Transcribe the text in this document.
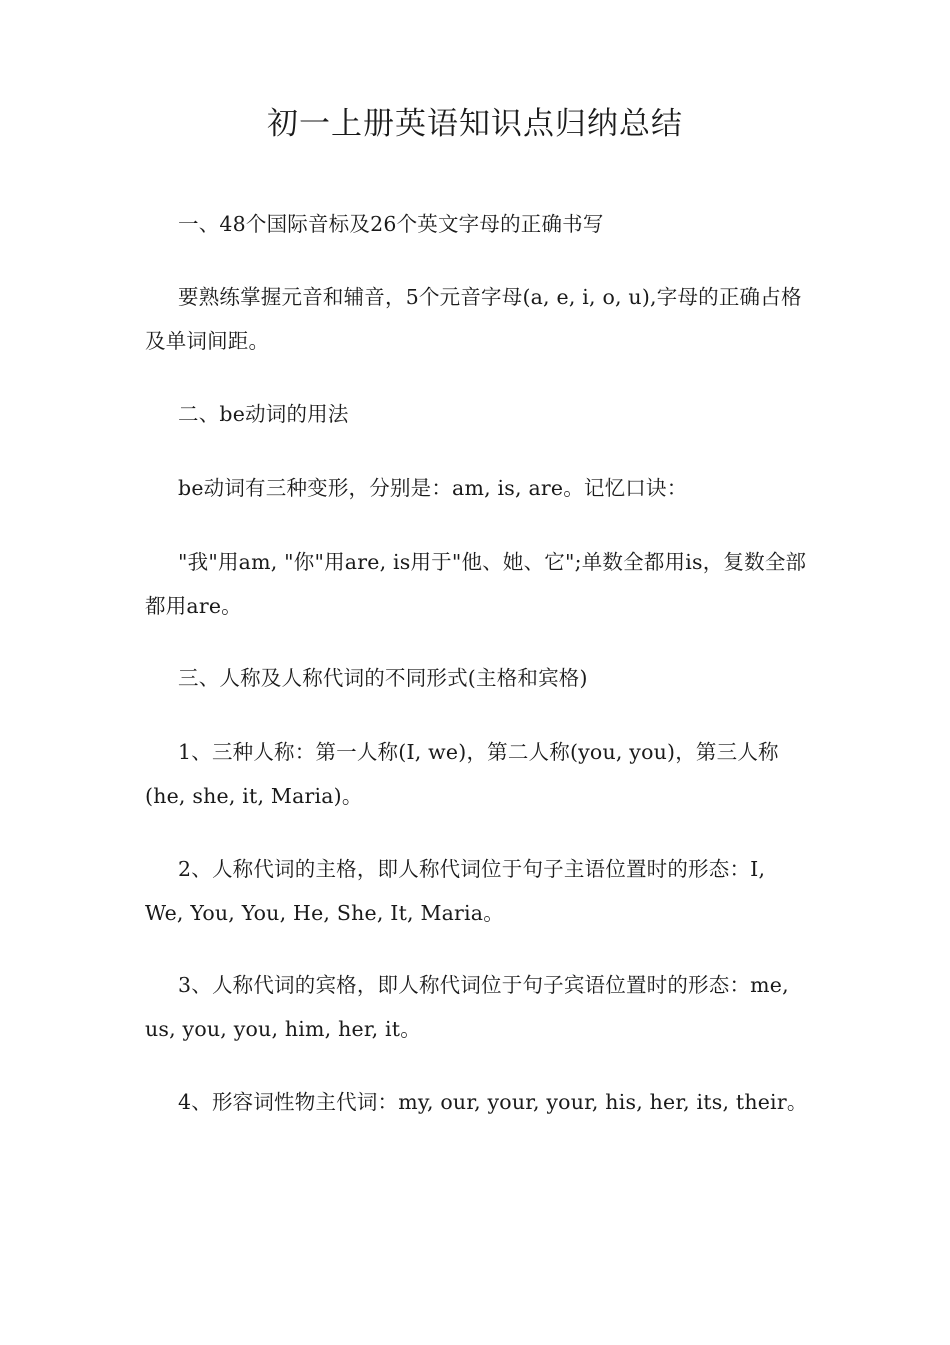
初一上册英语知识点归纳总结

一、48个国际音标及26个英文字母的正确书写

要熟练掌握元音和辅音，5个元音字母(a, e, i, o, u),字母的正确占格及单词间距。

二、be动词的用法

be动词有三种变形，分别是：am, is, are。记忆口诀：

"我"用am, "你"用are, is用于"他、她、它";单数全都用is，复数全部都用are。

三、人称及人称代词的不同形式(主格和宾格)

1、三种人称：第一人称(I, we)，第二人称(you, you)，第三人称(he, she, it, Maria)。

2、人称代词的主格，即人称代词位于句子主语位置时的形态：I, We, You, You, He, She, It, Maria。

3、人称代词的宾格，即人称代词位于句子宾语位置时的形态：me, us, you, you, him, her, it。

4、形容词性物主代词：my, our, your, your, his, her, its, their。
